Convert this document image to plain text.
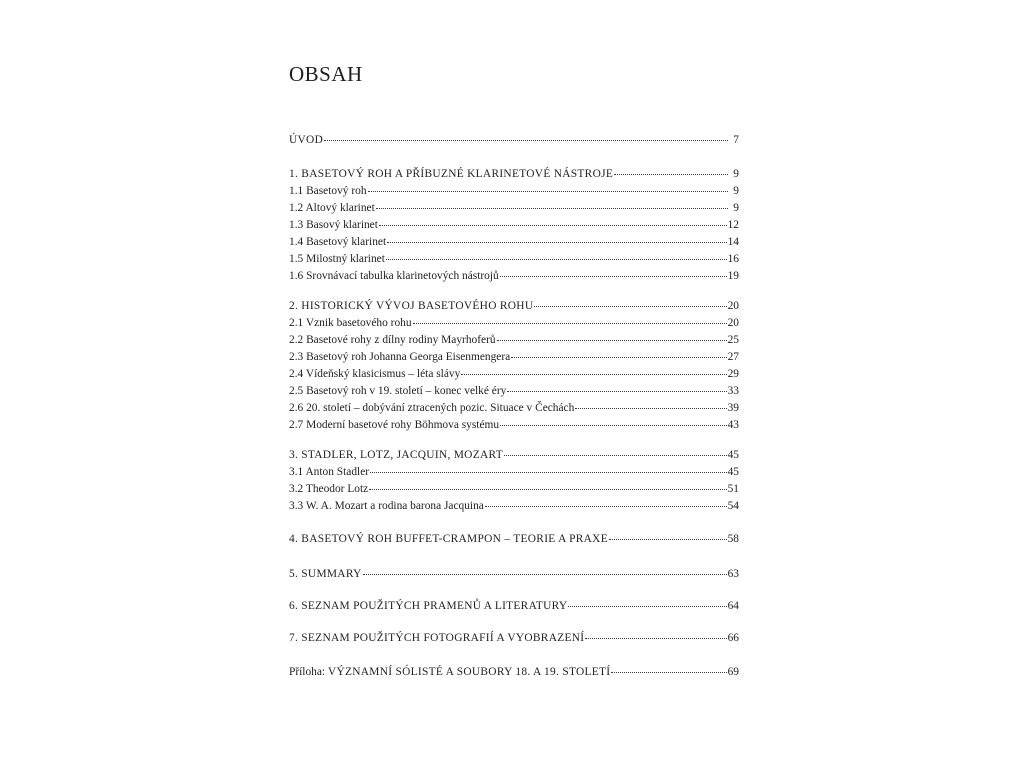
OBSAH
ÚVOD	7
1. BASETOVÝ ROH A PŘÍBUZNÉ KLARINETOVÉ NÁSTROJE	9
1.1 Basetový roh	9
1.2 Altový klarinet	9
1.3 Basový klarinet	12
1.4 Basetový klarinet	14
1.5 Milostný klarinet	16
1.6 Srovnávací tabulka klarinetových nástrojů	19
2. HISTORICKÝ VÝVOJ BASETOVÉHO ROHU	20
2.1 Vznik basetového rohu	20
2.2 Basetové rohy z dílny rodiny Mayrhoferů	25
2.3 Basetový roh Johanna Georga Eisenmengera	27
2.4 Vídeňský klasicismus – léta slávy	29
2.5 Basetový roh v 19. století – konec velké éry	33
2.6 20. století – dobývání ztracených pozic. Situace v Čechách	39
2.7 Moderní basetové rohy Böhmova systému	43
3. STADLER, LOTZ, JACQUIN, MOZART	45
3.1 Anton Stadler	45
3.2 Theodor Lotz	51
3.3 W. A. Mozart a rodina barona Jacquina	54
4. BASETOVÝ ROH BUFFET-CRAMPON – TEORIE A PRAXE	58
5. SUMMARY	63
6. SEZNAM POUŽITÝCH PRAMENŮ A LITERATURY	64
7. SEZNAM POUŽITÝCH FOTOGRAFIÍ A VYOBRAZENÍ	66
Příloha: VÝZNAMNÍ SÓLISTÉ A SOUBORY 18. A 19. STOLETÍ	69
